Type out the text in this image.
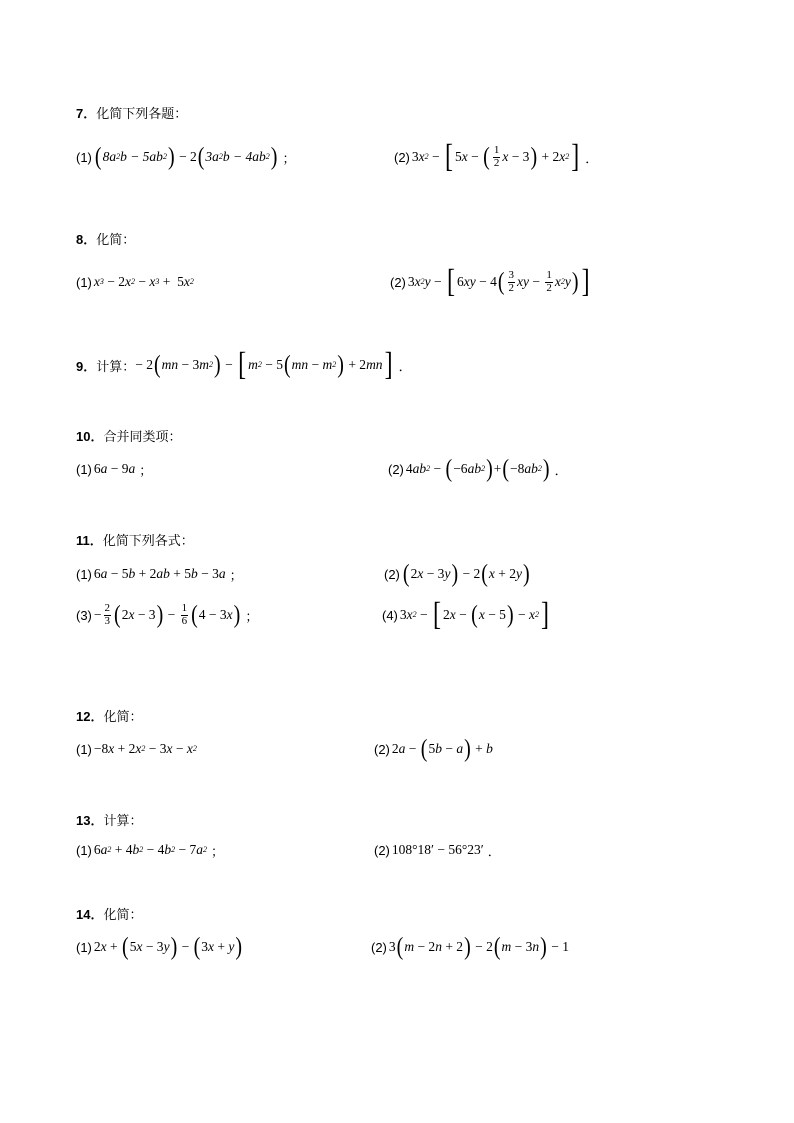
7．化简下列各题：
(1) ( 8a 2 b − 5ab 2 ) − 2 ( 3a 2 b − 4ab 2 ) ；	(2) 3 x 2 − [ 5 x − ( $\frac{1}{2}$ x − 3 ) + 2 x 2 ] ．
8．化简：
(1) x 3 − 2 x 2 − x 3 +  5 x 2	(2) 3 x 2 y − [ 6 xy − 4 ( $\frac{3}{2}$ xy − $\frac{1}{2}$ x 2 y ) ]
9． 计算： − 2 ( mn − 3 m 2 ) − [ m 2 − 5 ( mn − m 2 ) + 2 mn ] ．
10．合并同类项：
(1) 6 a − 9 a ；	(2) 4 ab 2 − ( −6 ab 2 ) + ( −8 ab 2 ) ．
11．化简下列各式：
(1) 6 a − 5 b + 2 ab + 5 b − 3 a ；	(2) ( 2 x − 3 y ) − 2 ( x + 2 y )
$(3) - \frac{2}{3}$ ( 2 x − 3 ) − $\frac{1}{6}$ ( 4 − 3 x ) ；	(4) 3 x 2 − [ 2 x − ( x − 5 ) − x 2 ]
12．化简：
(1) −8 x + 2 x 2 − 3 x − x 2	(2) 2 a − ( 5 b − a ) + b
13．计算：
(1) 6 a 2 + 4 b 2 − 4 b 2 − 7 a 2 ；	(2) 108°18′ − 56°23′ ．
14．化简：
(1) 2 x + ( 5 x − 3 y ) − ( 3 x + y )	(2) 3 ( m − 2 n + 2 ) − 2 ( m − 3 n ) − 1
